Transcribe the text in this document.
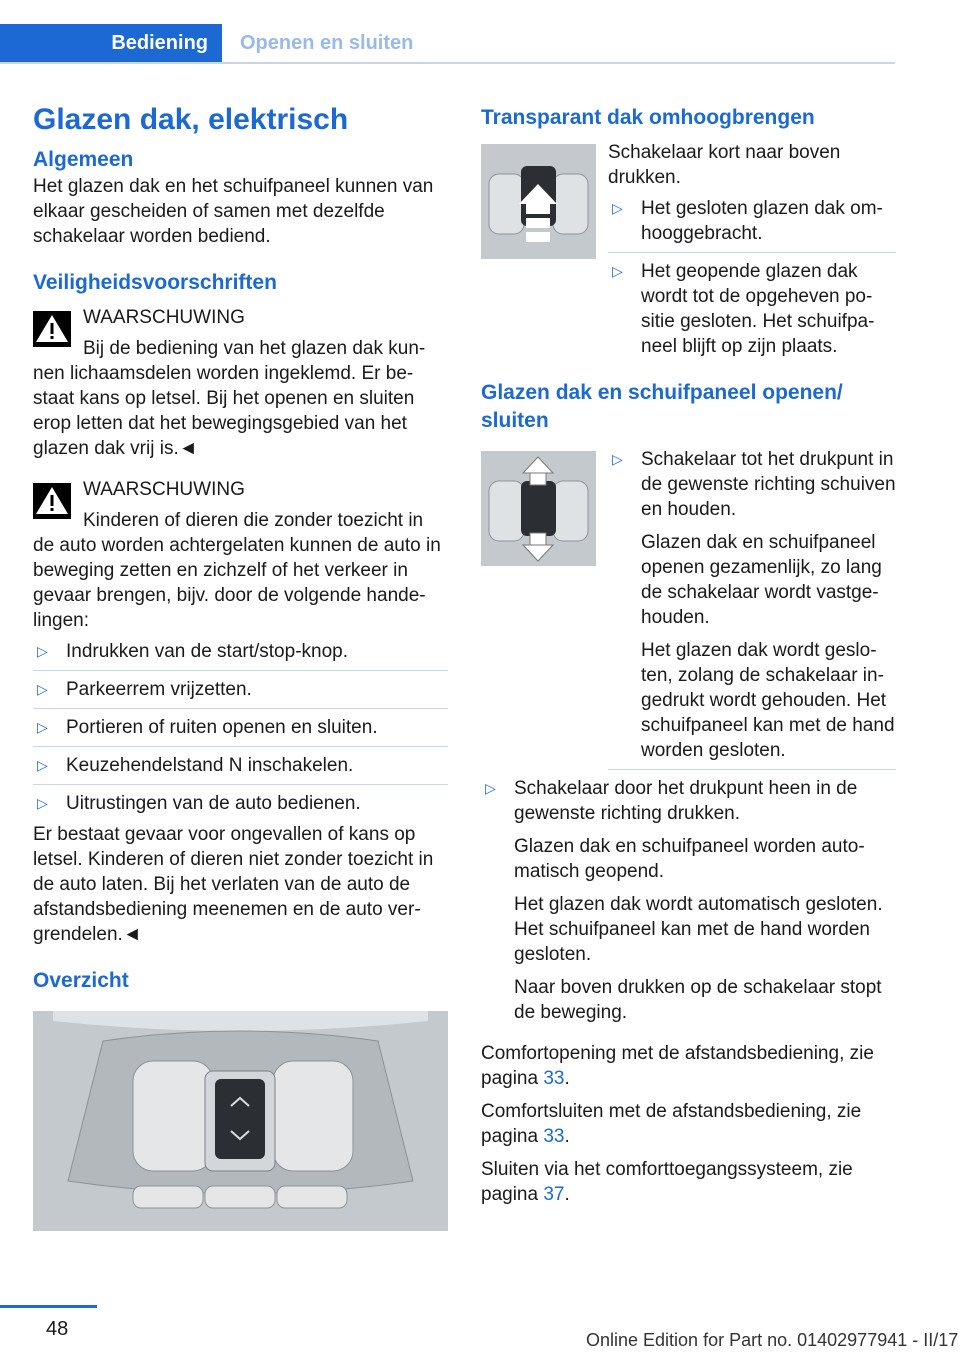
Bediening	Openen en sluiten
Glazen dak, elektrisch
Algemeen

Het glazen dak en het schuifpaneel kunnen van elkaar gescheiden of samen met dezelfde schakelaar worden bediend.

Veiligheidsvoorschriften
WAARSCHUWING

Bij de bediening van het glazen dak kunnen lichaamsdelen worden ingeklemd. Er bestaat kans op letsel. Bij het openen en sluiten erop letten dat het bewegingsgebied van het glazen dak vrij is.◄

WAARSCHUWING

Kinderen of dieren die zonder toezicht in de auto worden achtergelaten kunnen de auto in beweging zetten en zichzelf of het verkeer in gevaar brengen, bijv. door de volgende handelingen:

▷ Indrukken van de start/stop-knop.
▷ Parkeerrem vrijzetten.
▷ Portieren of ruiten openen en sluiten.
▷ Keuzehendelstand N inschakelen.
▷ Uitrustingen van de auto bedienen.

Er bestaat gevaar voor ongevallen of kans op letsel. Kinderen of dieren niet zonder toezicht in de auto laten. Bij het verlaten van de auto de afstandsbediening meenemen en de auto vergrendelen.◄

Overzicht
Transparant dak omhoogbrengen

Schakelaar kort naar boven drukken.

▷ Het gesloten glazen dak omhooggebracht.
▷ Het geopende glazen dak wordt tot de opgeheven positie gesloten. Het schuifpaneel blijft op zijn plaats.
Glazen dak en schuifpaneel openen/ sluiten
▷ Schakelaar tot het drukpunt in de gewenste richting schuiven en houden.

Glazen dak en schuifpaneel openen gezamenlijk, zo lang de schakelaar wordt vastgehouden.

Het glazen dak wordt gesloten, zolang de schakelaar ingedrukt wordt gehouden. Het schuifpaneel kan met de hand worden gesloten.

▷ Schakelaar door het drukpunt heen in de gewenste richting drukken.

Glazen dak en schuifpaneel worden automatisch geopend.

Het glazen dak wordt automatisch gesloten. Het schuifpaneel kan met de hand worden gesloten.

Naar boven drukken op de schakelaar stopt de beweging.

Comfortopening met de afstandsbediening, zie pagina 33.

Comfortsluiten met de afstandsbediening, zie pagina 33.

Sluiten via het comforttoegangssysteem, zie pagina 37.

48	Online Edition for Part no. 01402977941 - II/17
